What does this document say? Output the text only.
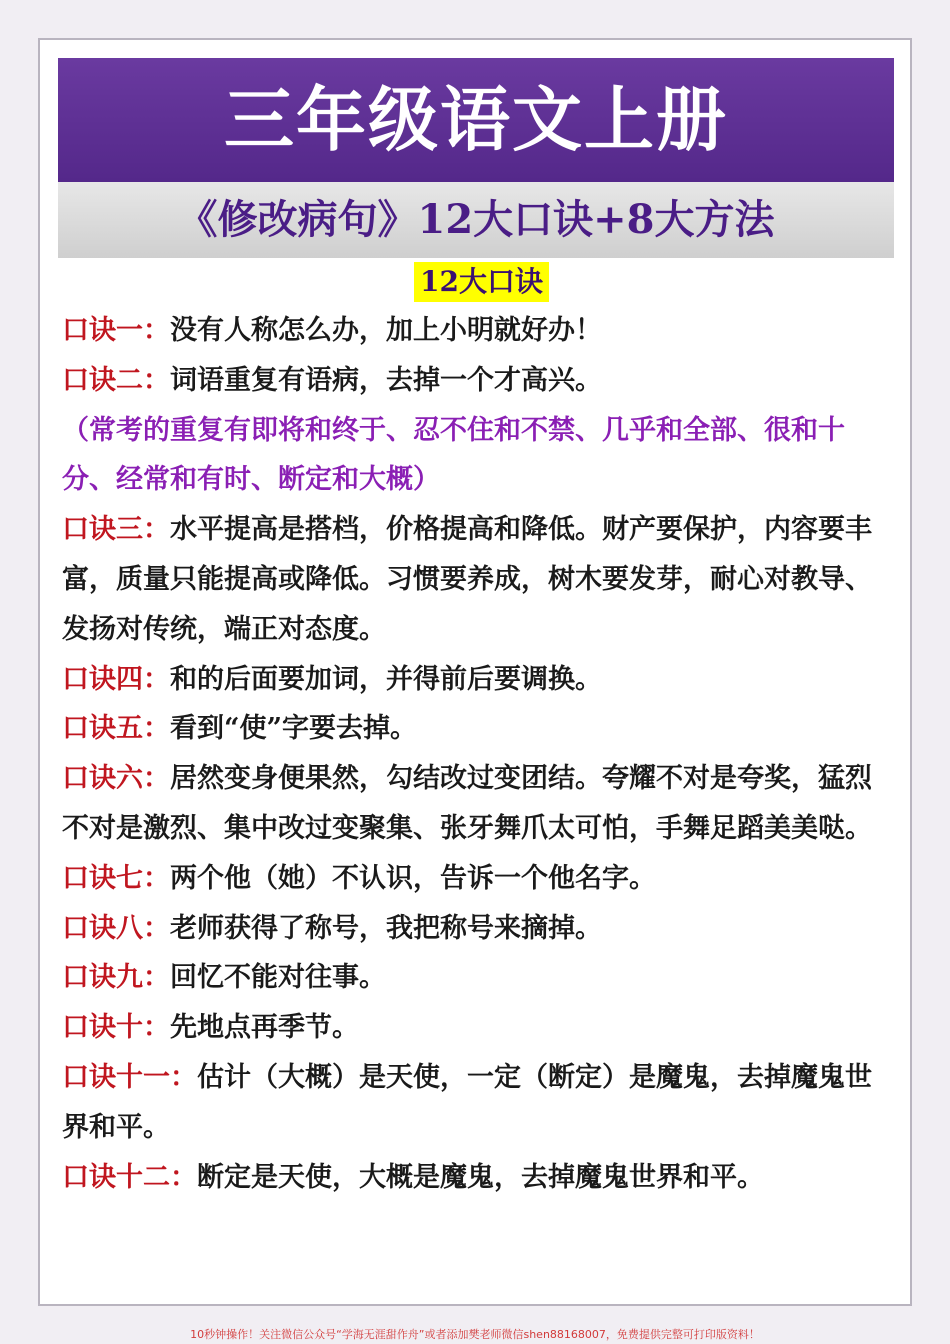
三年级语文上册
《修改病句》12大口诀+8大方法
12大口诀

口诀一：没有人称怎么办，加上小明就好办！

口诀二：词语重复有语病，去掉一个才高兴。

（常考的重复有即将和终于、忍不住和不禁、几乎和全部、很和十分、经常和有时、断定和大概）

口诀三：水平提高是搭档，价格提高和降低。财产要保护，内容要丰富，质量只能提高或降低。习惯要养成，树木要发芽，耐心对教导、发扬对传统，端正对态度。

口诀四：和的后面要加词，并得前后要调换。

口诀五：看到“使”字要去掉。

口诀六：居然变身便果然，勾结改过变团结。夸耀不对是夸奖，猛烈不对是激烈、集中改过变聚集、张牙舞爪太可怕，手舞足蹈美美哒。

口诀七：两个他（她）不认识，告诉一个他名字。

口诀八：老师获得了称号，我把称号来摘掉。

口诀九：回忆不能对往事。

口诀十：先地点再季节。

口诀十一：估计（大概）是天使，一定（断定）是魔鬼，去掉魔鬼世界和平。

口诀十二：断定是天使，大概是魔鬼，去掉魔鬼世界和平。

10秒钟操作！关注微信公众号“学海无涯甜作舟”或者添加樊老师微信shen88168007，免费提供完整可打印版资料！
